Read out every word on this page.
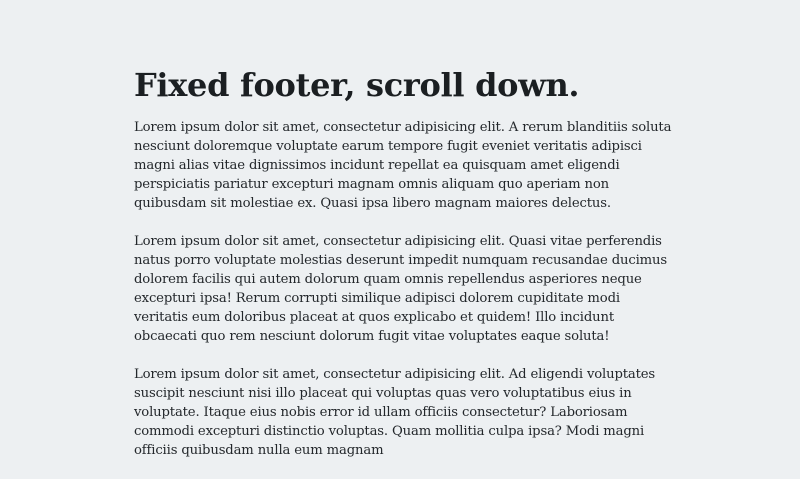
Fixed footer, scroll down.

Lorem ipsum dolor sit amet, consectetur adipisicing elit. A rerum blanditiis soluta nesciunt doloremque voluptate earum tempore fugit eveniet veritatis adipisci magni alias vitae dignissimos incidunt repellat ea quisquam amet eligendi perspiciatis pariatur excepturi magnam omnis aliquam quo aperiam non quibusdam sit molestiae ex. Quasi ipsa libero magnam maiores delectus.

Lorem ipsum dolor sit amet, consectetur adipisicing elit. Quasi vitae perferendis natus porro voluptate molestias deserunt impedit numquam recusandae ducimus dolorem facilis qui autem dolorum quam omnis repellendus asperiores neque excepturi ipsa! Rerum corrupti similique adipisci dolorem cupiditate modi veritatis eum doloribus placeat at quos explicabo et quidem! Illo incidunt obcaecati quo rem nesciunt dolorum fugit vitae voluptates eaque soluta!

Lorem ipsum dolor sit amet, consectetur adipisicing elit. Ad eligendi voluptates suscipit nesciunt nisi illo placeat qui voluptas quas vero voluptatibus eius in voluptate. Itaque eius nobis error id ullam officiis consectetur? Laboriosam commodi excepturi distinctio voluptas. Quam mollitia culpa ipsa? Modi magni officiis quibusdam nulla eum magnam
